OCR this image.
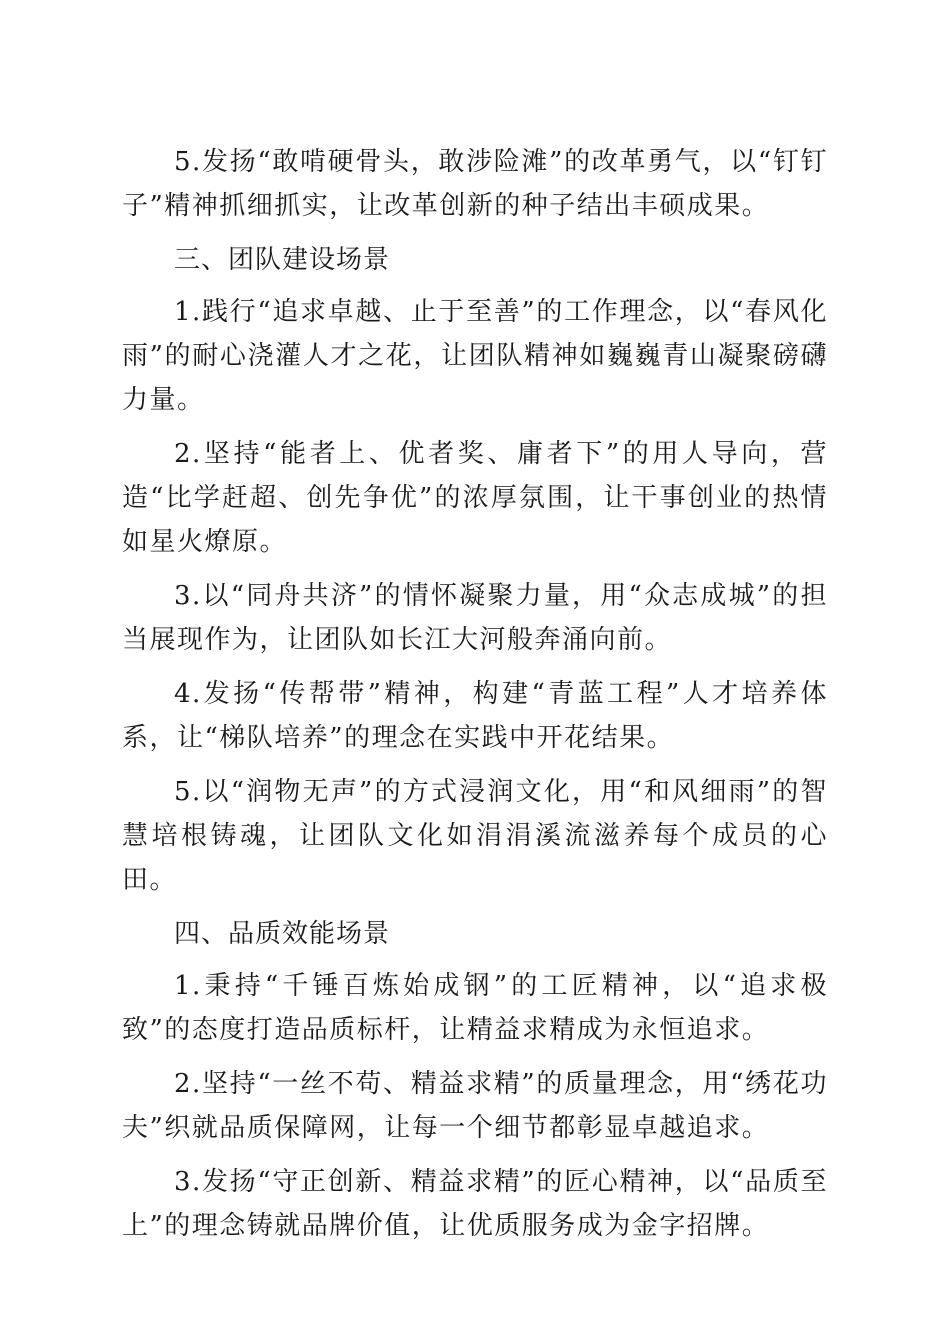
5.发扬“敢啃硬骨头，敢涉险滩”的改革勇气，以“钉钉子”精神抓细抓实，让改革创新的种子结出丰硕成果。

三、团队建设场景

1.践行“追求卓越、止于至善”的工作理念，以“春风化雨”的耐心浇灌人才之花，让团队精神如巍巍青山凝聚磅礴力量。

2.坚持“能者上、优者奖、庸者下”的用人导向，营造“比学赶超、创先争优”的浓厚氛围，让干事创业的热情如星火燎原。

3.以“同舟共济”的情怀凝聚力量，用“众志成城”的担当展现作为，让团队如长江大河般奔涌向前。

4.发扬“传帮带”精神，构建“青蓝工程”人才培养体系，让“梯队培养”的理念在实践中开花结果。

5.以“润物无声”的方式浸润文化，用“和风细雨”的智慧培根铸魂，让团队文化如涓涓溪流滋养每个成员的心田。

四、品质效能场景

1.秉持“千锤百炼始成钢”的工匠精神，以“追求极致”的态度打造品质标杆，让精益求精成为永恒追求。

2.坚持“一丝不苟、精益求精”的质量理念，用“绣花功夫”织就品质保障网，让每一个细节都彰显卓越追求。

3.发扬“守正创新、精益求精”的匠心精神，以“品质至上”的理念铸就品牌价值，让优质服务成为金字招牌。
